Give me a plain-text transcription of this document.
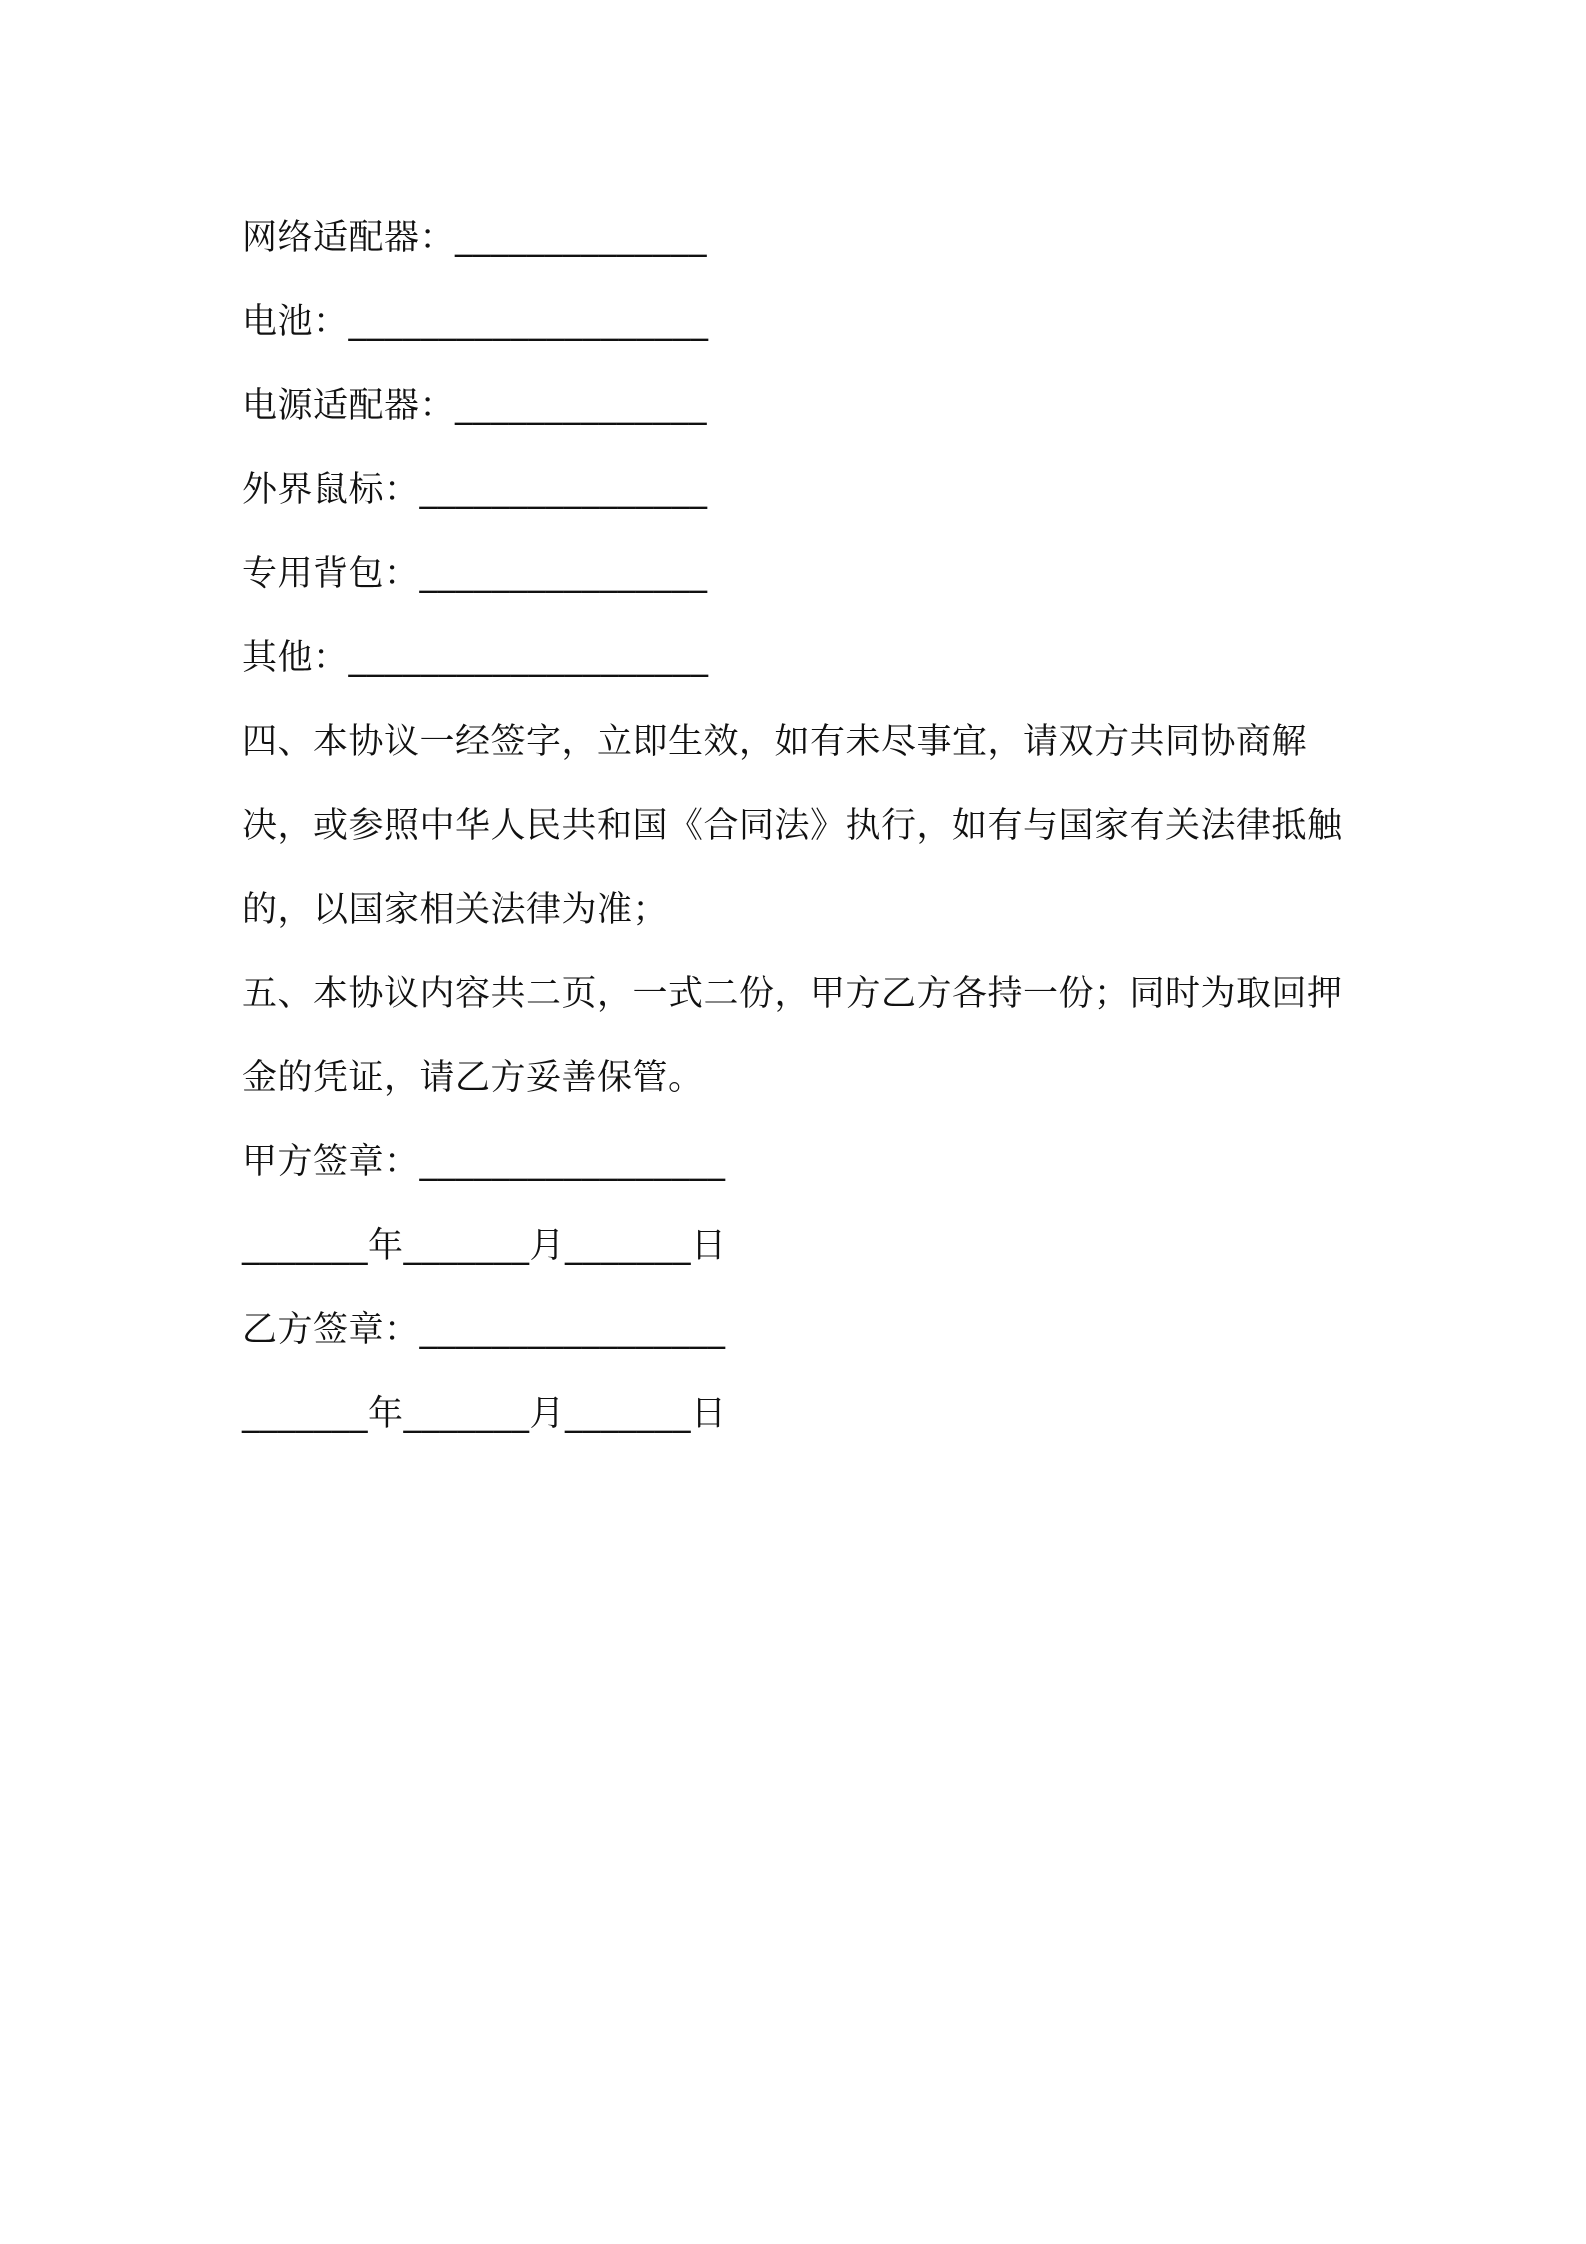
网络适配器：______________
电池：____________________
电源适配器：______________
外界鼠标：________________
专用背包：________________
其他：____________________
四、本协议一经签字，立即生效，如有未尽事宜，请双方共同协商解决，或参照中华人民共和国《合同法》执行，如有与国家有关法律抵触的，以国家相关法律为准；
五、本协议内容共二页，一式二份，甲方乙方各持一份；同时为取回押金的凭证，请乙方妥善保管。
甲方签章：_________________
_______年_______月_______日
乙方签章：_________________
_______年_______月_______日
